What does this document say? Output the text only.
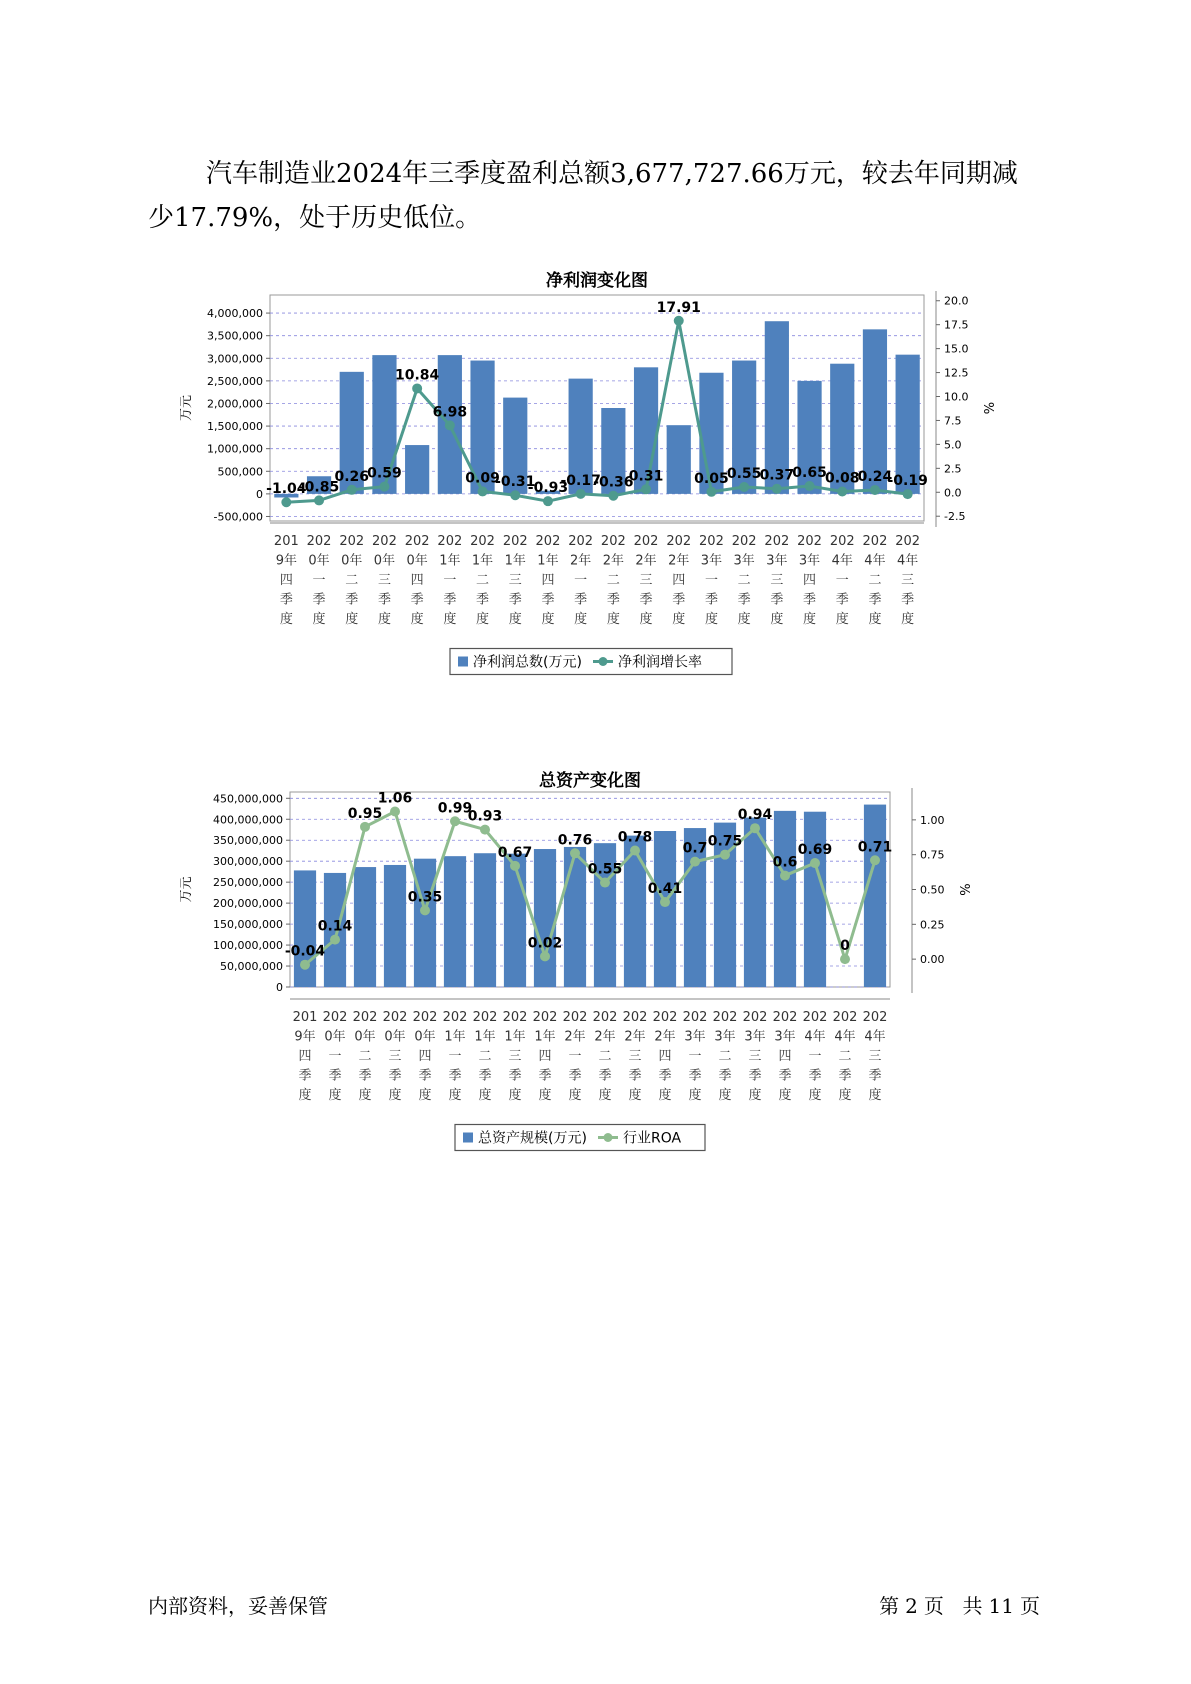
汽车制造业2024年三季度盈利总额3,677,727.66万元，较去年同期减
少17.79%，处于历史低位。

净利润变化图
-500,000
0
500,000
1,000,000
1,500,000
2,000,000
2,500,000
3,000,000
3,500,000
4,000,000
-2.5
0.0
2.5
5.0
7.5
10.0
12.5
15.0
17.5
20.0
万元	%
-1.04
-0.85
0.26
0.59
10.84
6.98
0.09
-0.31
-0.93
-0.17
-0.36
0.31
17.91
0.05
0.55
0.37
0.65
0.08
0.24
-0.19
201
9年
四
季
度
202
0年
一
季
度
202
0年
二
季
度
202
0年
三
季
度
202
0年
四
季
度
202
1年
一
季
度
202
1年
二
季
度
202
1年
三
季
度
202
1年
四
季
度
202
2年
一
季
度
202
2年
二
季
度
202
2年
三
季
度
202
2年
四
季
度
202
3年
一
季
度
202
3年
二
季
度
202
3年
三
季
度
202
3年
四
季
度
202
4年
一
季
度
202
4年
二
季
度
202
4年
三
季
度
净利润总数(万元)	净利润增长率
总资产变化图
0
50,000,000
100,000,000
150,000,000
200,000,000
250,000,000
300,000,000
350,000,000
400,000,000
450,000,000
0.00
0.25
0.50
0.75
1.00
万元	%
-0.04
0.14
0.95
1.06
0.35
0.99
0.93
0.67
0.02
0.76
0.55
0.78
0.41
0.7 0.75
0.94
0.6
0.69
0
0.71
201
9年
四
季
度
202
0年
一
季
度
202
0年
二
季
度
202
0年
三
季
度
202
0年
四
季
度
202
1年
一
季
度
202
1年
二
季
度
202
1年
三
季
度
202
1年
四
季
度
202
2年
一
季
度
202
2年
二
季
度
202
2年
三
季
度
202
2年
四
季
度
202
3年
一
季
度
202
3年
二
季
度
202
3年
三
季
度
202
3年
四
季
度
202
4年
一
季
度
202
4年
二
季
度
202
4年
三
季
度
总资产规模(万元)	行业ROA
内部资料，妥善保管	第 2 页 共 11 页
